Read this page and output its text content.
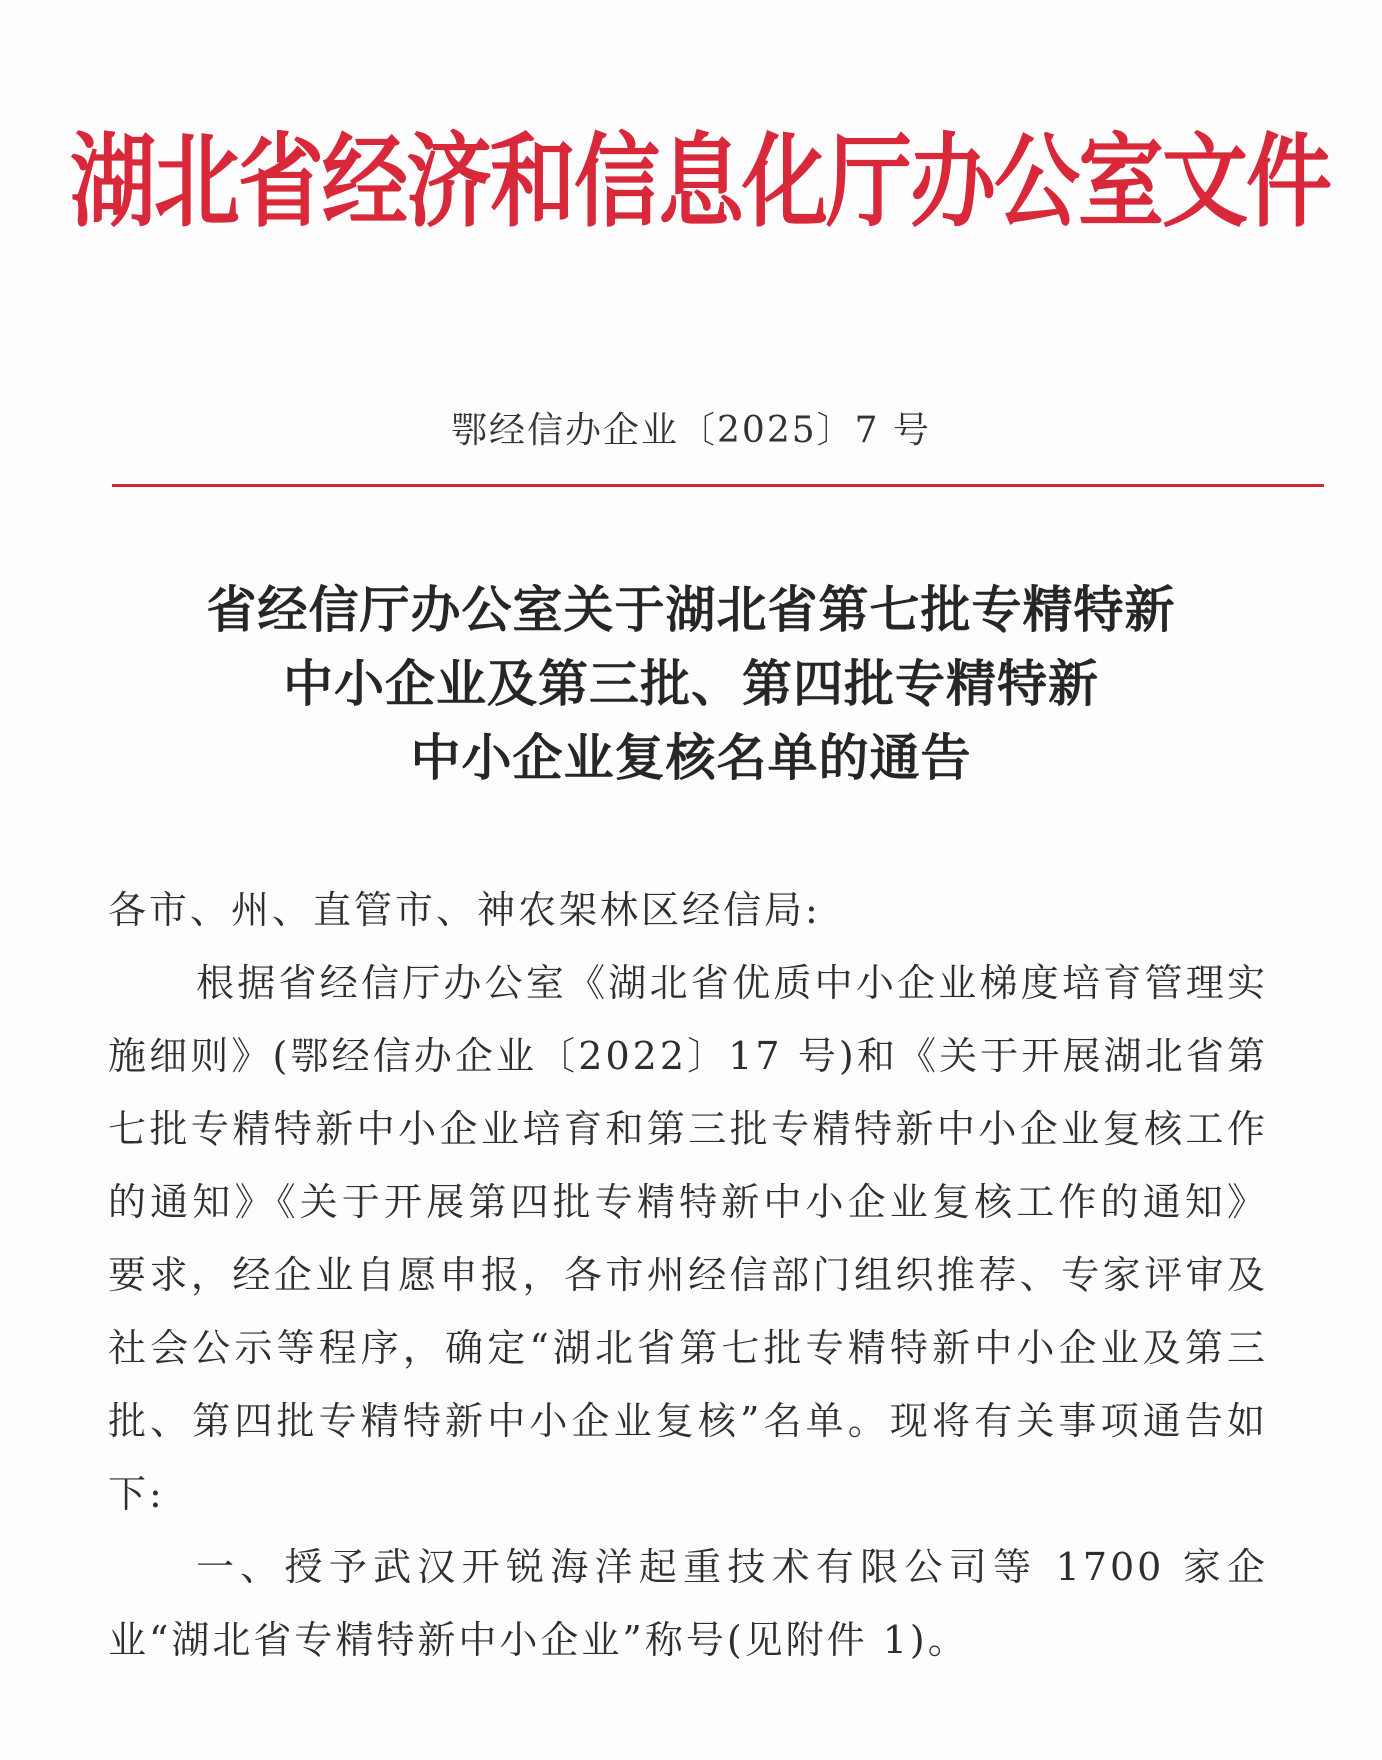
湖北省经济和信息化厅办公室文件
鄂经信办企业〔2025〕7 号
省经信厅办公室关于湖北省第七批专精特新
中小企业及第三批、第四批专精特新
中小企业复核名单的通告
各市、州、直管市、神农架林区经信局:
根据省经信厅办公室《湖北省优质中小企业梯度培育管理实施细则》(鄂经信办企业〔2022〕17 号)和《关于开展湖北省第七批专精特新中小企业培育和第三批专精特新中小企业复核工作的通知》《关于开展第四批专精特新中小企业复核工作的通知》要求，经企业自愿申报，各市州经信部门组织推荐、专家评审及社会公示等程序，确定“湖北省第七批专精特新中小企业及第三批、第四批专精特新中小企业复核”名单。现将有关事项通告如下:
一、授予武汉开锐海洋起重技术有限公司等 1700 家企业“湖北省专精特新中小企业”称号(见附件 1)。
